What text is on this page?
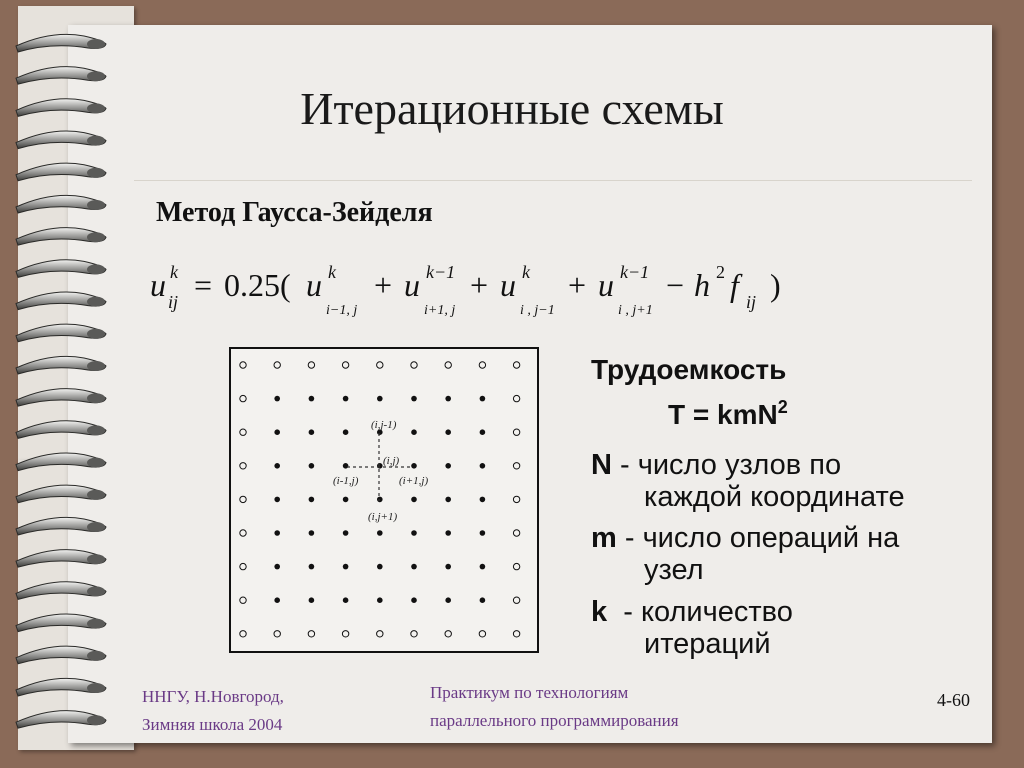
Итерационные схемы
Метод Гаусса-Зейделя
u k
ij = 0.25( u k
i−1, j
+ u k−1
i+1, j
+ u k
i , j−1
+ u k−1
i , j+1
− h 2 f ij )
(i,j-1)
(i,j)
(i-1,j)	(i+1,j)
(i,j+1)
Трудоемкость
T = kmN$^2$
N - число узлов по
каждой координате
m - число операций на
узел
k  - количество
итераций
ННГУ, Н.Новгород,
Зимняя школа 2004
Практикум по технологиям
параллельного программирования
4-60
